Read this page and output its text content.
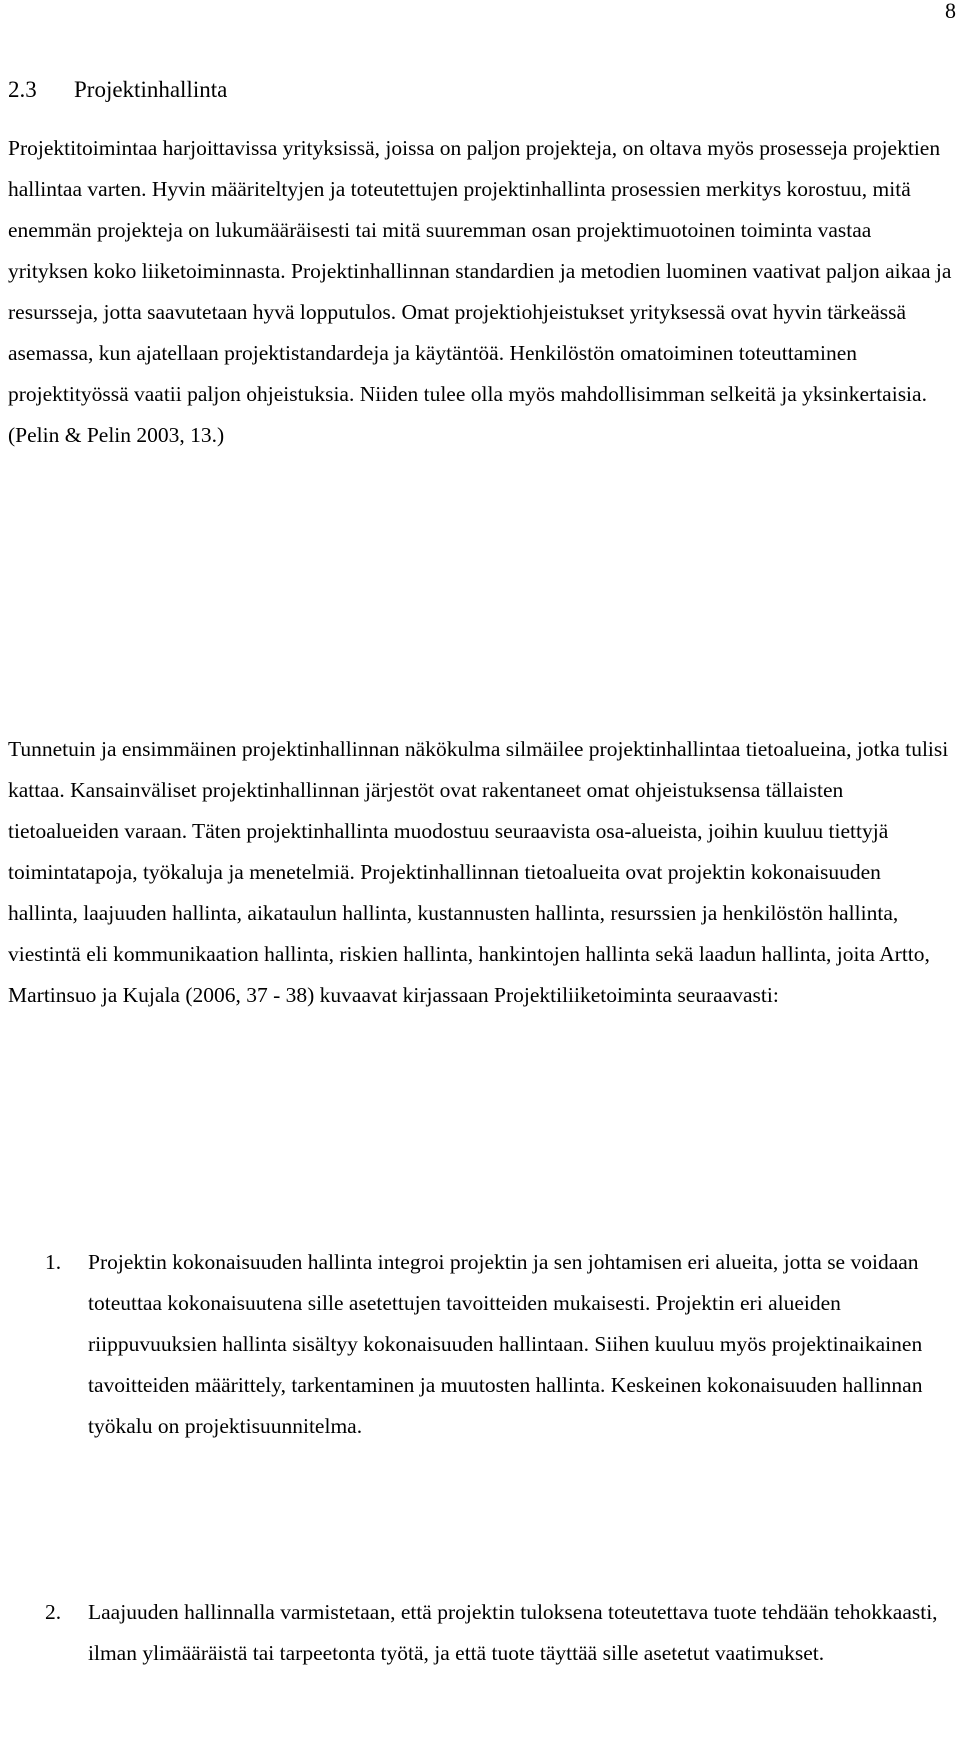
8
2.3 Projektinhallinta

Projektitoimintaa harjoittavissa yrityksissä, joissa on paljon projekteja, on oltava myös prosesseja projektien hallintaa varten. Hyvin määriteltyjen ja toteutettujen projektinhallinta prosessien merkitys korostuu, mitä enemmän projekteja on lukumääräisesti tai mitä suuremman osan projektimuotoinen toiminta vastaa yrityksen koko liiketoiminnasta. Projektinhallinnan standardien ja metodien luominen vaativat paljon aikaa ja resursseja, jotta saavutetaan hyvä lopputulos. Omat projektiohjeistukset yrityksessä ovat hyvin tärkeässä asemassa, kun ajatellaan projektistandardeja ja käytäntöä. Henkilöstön omatoiminen toteuttaminen projektityössä vaatii paljon ohjeistuksia. Niiden tulee olla myös mahdollisimman selkeitä ja yksinkertaisia. (Pelin & Pelin 2003, 13.)

Tunnetuin ja ensimmäinen projektinhallinnan näkökulma silmäilee projektinhallintaa tietoalueina, jotka tulisi kattaa. Kansainväliset projektinhallinnan järjestöt ovat rakentaneet omat ohjeistuksensa tällaisten tietoalueiden varaan. Täten projektinhallinta muodostuu seuraavista osa-alueista, joihin kuuluu tiettyjä toimintatapoja, työkaluja ja menetelmiä. Projektinhallinnan tietoalueita ovat projektin kokonaisuuden hallinta, laajuuden hallinta, aikataulun hallinta, kustannusten hallinta, resurssien ja henkilöstön hallinta, viestintä eli kommunikaation hallinta, riskien hallinta, hankintojen hallinta sekä laadun hallinta, joita Artto, Martinsuo ja Kujala (2006, 37 - 38) kuvaavat kirjassaan Projektiliiketoiminta seuraavasti:

1. Projektin kokonaisuuden hallinta integroi projektin ja sen johtamisen eri alueita, jotta se voidaan toteuttaa kokonaisuutena sille asetettujen tavoitteiden mukaisesti. Projektin eri alueiden riippuvuuksien hallinta sisältyy kokonaisuuden hallintaan. Siihen kuuluu myös projektinaikainen tavoitteiden määrittely, tarkentaminen ja muutosten hallinta. Keskeinen kokonaisuuden hallinnan työkalu on projektisuunnitelma.

2. Laajuuden hallinnalla varmistetaan, että projektin tuloksena toteutettava tuote tehdään tehokkaasti, ilman ylimääräistä tai tarpeetonta työtä, ja että tuote täyttää sille asetetut vaatimukset.
